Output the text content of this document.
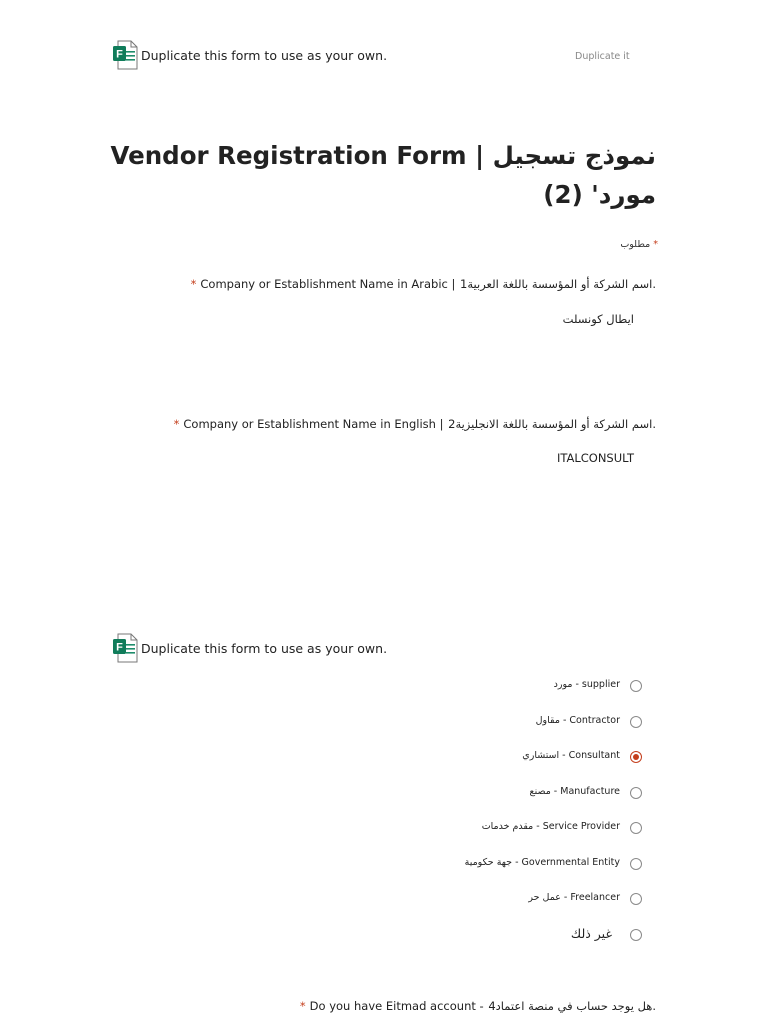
F Duplicate this form to use as your own.	Duplicate it
نموذج تسجيل | Vendor Registration Form مورد' (2)
* مطلوب
* Company or Establishment Name in Arabic | اسم الشركة أو المؤسسة باللغة العربية1.
ايطال كونسلت
* Company or Establishment Name in English | اسم الشركة أو المؤسسة باللغة الانجليزية2.
ITALCONSULT
F Duplicate this form to use as your own.
مورد - supplier
مقاول - Contractor
استشاري - Consultant
مصنع - Manufacture
مقدم خدمات - Service Provider
جهة حكومية - Governmental Entity
عمل حر - Freelancer
غير ذلك
* Do you have Eitmad account - هل يوجد حساب في منصة اعتماد4.
